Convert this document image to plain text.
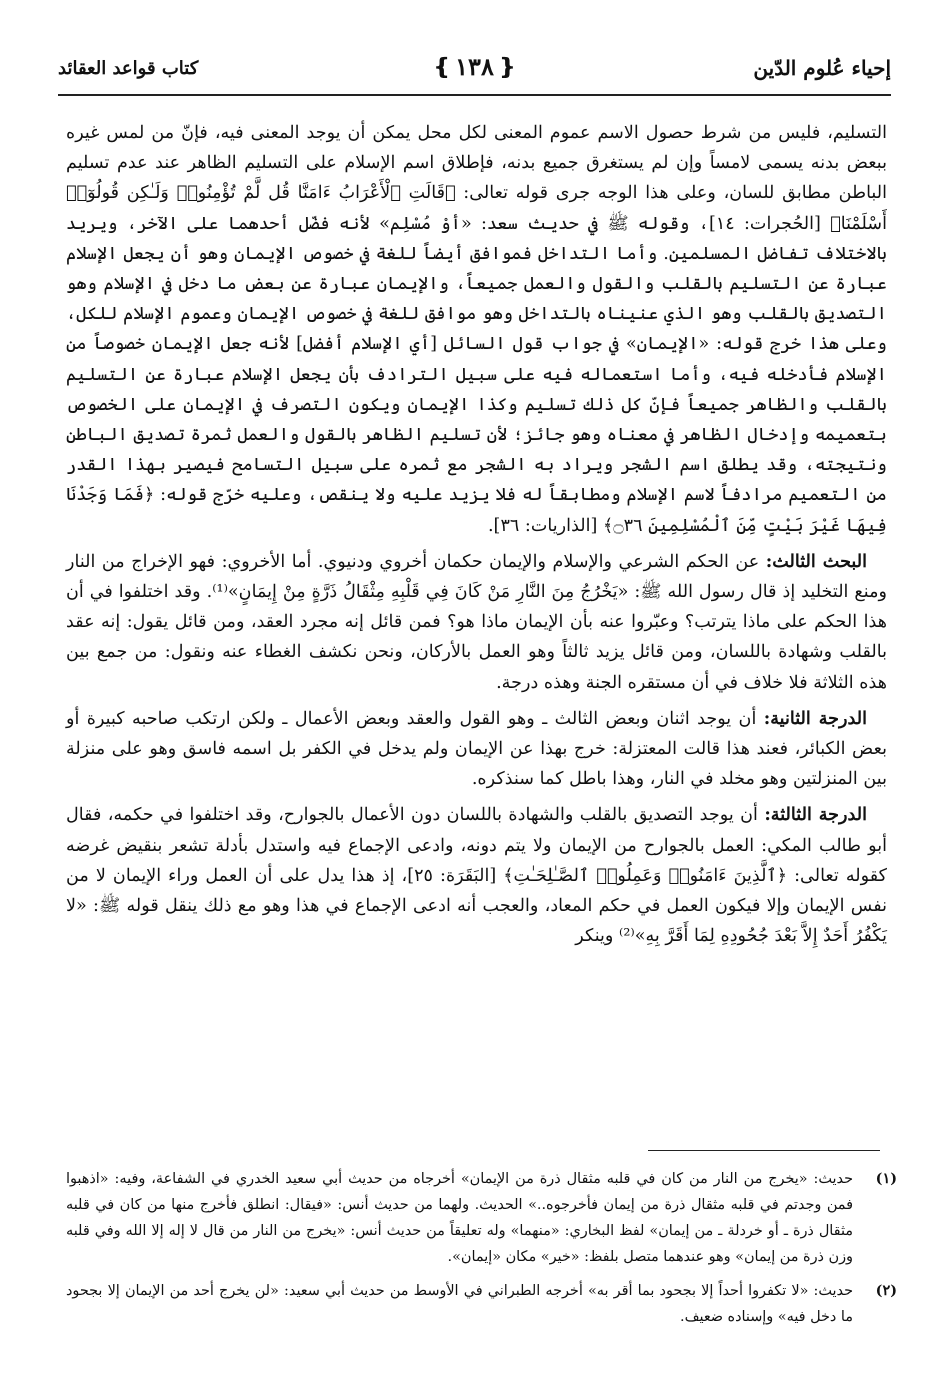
إحياء عُلوم الدّين
❴
١٣٨
❵
كتاب قواعد العقائد

التسليم، فليس من شرط حصول الاسم عموم المعنى لكل محل يمكن أن يوجد المعنى فيه، فإنّ من لمس غيره ببعض بدنه يسمى لامساً وإن لم يستغرق جميع بدنه، فإطلاق اسم الإسلام على التسليم الظاهر عند عدم تسليم الباطن مطابق للسان، وعلى هذا الوجه جرى قوله تعالى: ﴿قَالَتِ ٱلْأَعْرَابُ ءَامَنَّا قُل لَّمْ تُؤْمِنُوا۟ وَلَـٰكِن قُولُوٓا۟ أَسْلَمْنَا﴾ [الحُجرات: ١٤]، وقوله ﷺ في حديث سعد: «أوْ مُسْلِم» لأنه فضّل أحدهما على الآخر، ويريد بالاختلاف تفاضل المسلمين. وأما التداخل فموافق أيضاً للغة في خصوص الإيمان وهو أن يجعل الإسلام عبارة عن التسليم بالقلب والقول والعمل جميعاً، والإيمان عبارة عن بعض ما دخل في الإسلام وهو التصديق بالقلب وهو الذي عنيناه بالتداخل وهو موافق للغة في خصوص الإيمان وعموم الإسلام للكل، وعلى هذا خرج قوله: «الإيمان» في جواب قول السائل [أي الإسلام أفضل] لأنه جعل الإيمان خصوصاً من الإسلام فأدخله فيه، وأما استعماله فيه على سبيل الترادف بأن يجعل الإسلام عبارة عن التسليم بالقلب والظاهر جميعاً فإنّ كل ذلك تسليم وكذا الإيمان ويكون التصرف في الإيمان على الخصوص بتعميمه وإدخال الظاهر في معناه وهو جائز؛ لأن تسليم الظاهر بالقول والعمل ثمرة تصديق الباطن ونتيجته، وقد يطلق اسم الشجر ويراد به الشجر مع ثمره على سبيل التسامح فيصير بهذا القدر من التعميم مرادفاً لاسم الإسلام ومطابقاً له فلا يزيد عليه ولا ينقص، وعليه خرّج قوله: ﴿فَمَا وَجَدْنَا فِيهَا غَيْرَ بَيْتٍ مِّنَ ٱلْمُسْلِمِينَ ۝٣٦﴾ [الذاريات: ٣٦].

البحث الثالث: عن الحكم الشرعي والإسلام والإيمان حكمان أخروي ودنيوي. أما الأخروي: فهو الإخراج من النار ومنع التخليد إذ قال رسول الله ﷺ: «يَخْرُجُ مِنَ النَّارِ مَنْ كَانَ فِي قَلْبِهِ مِثْقَالُ ذَرَّةٍ مِنْ إِيمَانٍ»⁽¹⁾. وقد اختلفوا في أن هذا الحكم على ماذا يترتب؟ وعبّروا عنه بأن الإيمان ماذا هو؟ فمن قائل إنه مجرد العقد، ومن قائل يقول: إنه عقد بالقلب وشهادة باللسان، ومن قائل يزيد ثالثاً وهو العمل بالأركان، ونحن نكشف الغطاء عنه ونقول: من جمع بين هذه الثلاثة فلا خلاف في أن مستقره الجنة وهذه درجة.

الدرجة الثانية: أن يوجد اثنان وبعض الثالث ـ وهو القول والعقد وبعض الأعمال ـ ولكن ارتكب صاحبه كبيرة أو بعض الكبائر، فعند هذا قالت المعتزلة: خرج بهذا عن الإيمان ولم يدخل في الكفر بل اسمه فاسق وهو على منزلة بين المنزلتين وهو مخلد في النار، وهذا باطل كما سنذكره.

الدرجة الثالثة: أن يوجد التصديق بالقلب والشهادة باللسان دون الأعمال بالجوارح، وقد اختلفوا في حكمه، فقال أبو طالب المكي: العمل بالجوارح من الإيمان ولا يتم دونه، وادعى الإجماع فيه واستدل بأدلة تشعر بنقيض غرضه كقوله تعالى: ﴿ٱلَّذِينَ ءَامَنُوا۟ وَعَمِلُوا۟ ٱلصَّـٰلِحَـٰتِ﴾ [البَقَرَة: ٢٥]، إذ هذا يدل على أن العمل وراء الإيمان لا من نفس الإيمان وإلا فيكون العمل في حكم المعاد، والعجب أنه ادعى الإجماع في هذا وهو مع ذلك ينقل قوله ﷺ: «لا يَكْفُرُ أَحَدٌ إِلاَّ بَعْدَ جُحُودِهِ لِمَا أَقَرَّ بِهِ»⁽²⁾ وينكر

(١)

حديث: «يخرج من النار من كان في قلبه مثقال ذرة من الإيمان» أخرجاه من حديث أبي سعيد الخدري في الشفاعة، وفيه: «اذهبوا فمن وجدتم في قلبه مثقال ذرة من إيمان فأخرجوه..» الحديث. ولهما من حديث أنس: «فيقال: انطلق فأخرج منها من كان في قلبه مثقال ذرة ـ أو خردلة ـ من إيمان» لفظ البخاري: «منهما» وله تعليقاً من حديث أنس: «يخرج من النار من قال لا إله إلا الله وفي قلبه وزن ذرة من إيمان» وهو عندهما متصل بلفظ: «خير» مكان «إيمان».

(٢)

حديث: «لا تكفروا أحداً إلا بجحود بما أقر به» أخرجه الطبراني في الأوسط من حديث أبي سعيد: «لن يخرج أحد من الإيمان إلا بجحود ما دخل فيه» وإسناده ضعيف.
